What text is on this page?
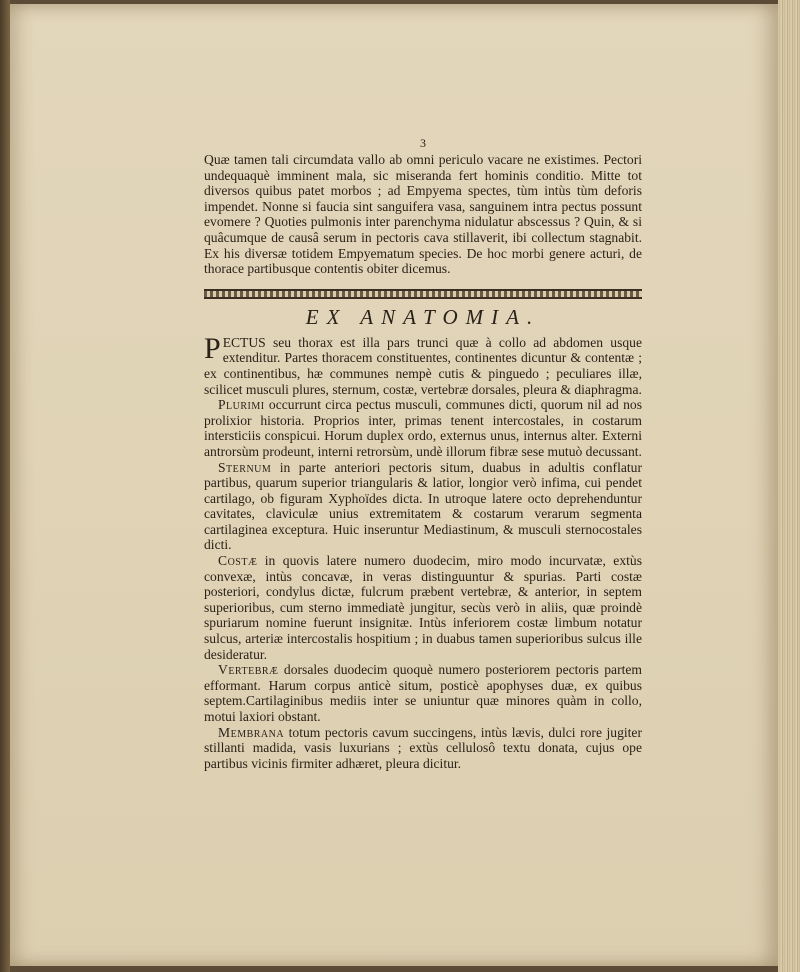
3

Quæ tamen tali circumdata vallo ab omni periculo vacare ne existimes. Pectori undequaquè imminent mala, sic miseranda fert hominis conditio. Mitte tot diversos quibus patet morbos ; ad Empyema spectes, tùm intùs tùm deforis impendet. Nonne si faucia sint sanguifera vasa, sanguinem intra pectus possunt evomere ? Quoties pulmonis inter parenchyma nidulatur abscessus ? Quin, & si quâcumque de causâ serum in pectoris cava stillaverit, ibi collectum stagnabit. Ex his diversæ totidem Empyematum species. De hoc morbi genere acturi, de thorace partibusque contentis obiter dicemus.

EX ANATOMIA.

PECTUS seu thorax est illa pars trunci quæ à collo ad abdomen usque extenditur. Partes thoracem constituentes, continentes dicuntur & contentæ ; ex continentibus, hæ communes nempè cutis & pinguedo ; peculiares illæ, scilicet musculi plures, sternum, costæ, vertebræ dorsales, pleura & diaphragma.

Plurimi occurrunt circa pectus musculi, communes dicti, quorum nil ad nos prolixior historia. Proprios inter, primas tenent intercostales, in costarum intersticiis conspicui. Horum duplex ordo, externus unus, internus alter. Externi antrorsùm prodeunt, interni retrorsùm, undè illorum fibræ sese mutuò decussant.

Sternum in parte anteriori pectoris situm, duabus in adultis conflatur partibus, quarum superior triangularis & latior, longior verò infima, cui pendet cartilago, ob figuram Xyphoïdes dicta. In utroque latere octo deprehenduntur cavitates, claviculæ unius extremitatem & costarum verarum segmenta cartilaginea exceptura. Huic inseruntur Mediastinum, & musculi sternocostales dicti.

Costæ in quovis latere numero duodecim, miro modo incurvatæ, extùs convexæ, intùs concavæ, in veras distinguuntur & spurias. Parti costæ posteriori, condylus dictæ, fulcrum præbent vertebræ, & anterior, in septem superioribus, cum sterno immediatè jungitur, secùs verò in aliis, quæ proindè spuriarum nomine fuerunt insignitæ. Intùs inferiorem costæ limbum notatur sulcus, arteriæ intercostalis hospitium ; in duabus tamen superioribus sulcus ille desideratur.

Vertebræ dorsales duodecim quoquè numero posteriorem pectoris partem efformant. Harum corpus anticè situm, posticè apophyses duæ, ex quibus septem.Cartilaginibus mediis inter se uniuntur quæ minores quàm in collo, motui laxiori obstant.

Membrana totum pectoris cavum succingens, intùs lævis, dulci rore jugiter stillanti madida, vasis luxurians ; extùs cellulosô textu donata, cujus ope partibus vicinis firmiter adhæret, pleura dicitur.
